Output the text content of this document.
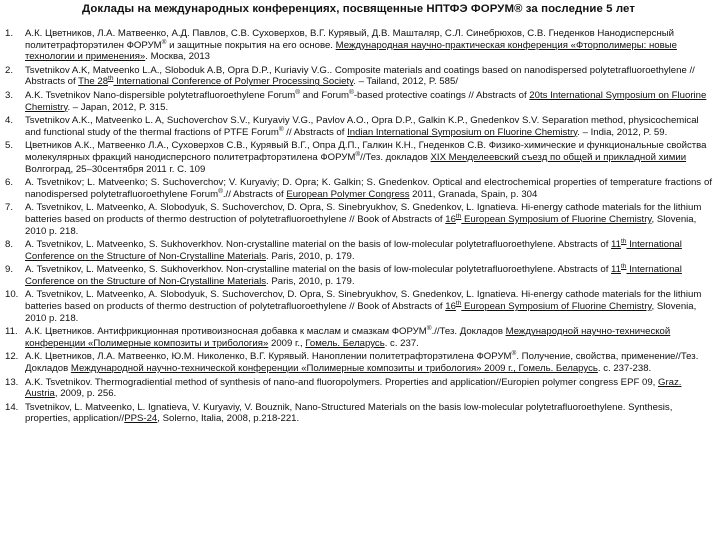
Доклады на международных конференциях, посвященные НПТФЭ ФОРУМ® за последние 5 лет
1.	А.К. Цветников, Л.А. Матвеенко, А.Д. Павлов, С.В. Суховерхов, В.Г. Курявый, Д.В. Машталяр, С.Л. Синебрюхов, С.В. Гнеденков Нанодисперсный политетрафторэтилен ФОРУМ® и защитные покрытия на его основе. Международная научно-практическая конференция «Фторполимеры: новые технологии и применения». Москва, 2013
2.	Tsvetnikov A.K, Matveenko L.A., Sloboduk A.B, Opra D.P., Kuriaviy V.G.. Composite materials and coatings based on nanodispersed polytetrafluoroethylene // Abstracts of The 28th International Conference of Polymer Processing Society. – Tailand, 2012, P. 585/
3.	A.K. Tsvetnikov Nano-dispersible polytetrafluoroethylene Forum® and Forum®-based protective coatings // Abstracts of 20ts International Symposium on Fluorine Chemistry. – Japan, 2012, P. 315.
4.	Tsvetnikov A.K., Matveenko L. A, Suchoverchov S.V., Kuryaviy V.G., Pavlov A.O., Opra D.P., Galkin K.P., Gnedenkov S.V. Separation method, physicochemical and functional study of the thermal fractions of PTFE Forum® // Abstracts of Indian International Symposium on Fluorine Chemistry. – India, 2012, P. 59.
5.	Цветников А.К., Матвеенко Л.А., Суховерхов С.В., Курявый В.Г., Опра Д.П., Галкин К.Н., Гнеденков С.В. Физико-химические и функциональные свойства молекулярных фракций нанодисперсного политетрафторэтилена ФОРУМ®//Тез. докладов XIX Менделеевский съезд по общей и прикладной химии Волгоград, 25–30сентября 2011 г. С. 109
6.	A. Tsvetnikov; L. Matveenko; S. Suchoverchov; V. Kuryaviy; D. Opra; K. Galkin; S. Gnedenkov. Optical and electrochemical properties of temperature fractions of nanodispersed polytetrafluoroethylene Forum®.// Abstracts of European Polymer Congress 2011, Granada, Spain, p. 304
7.	A. Tsvetnikov, L. Matveenko, A. Slobodyuk, S. Suchoverchov, D. Opra, S. Sinebryukhov, S. Gnedenkov, L. Ignatieva. Hi-energy cathode materials for the lithium batteries based on products of thermo destruction of polytetrafluoroethylene // Book of Abstracts of 16th European Symposium of Fluorine Chemistry, Slovenia, 2010 p. 218.
8.	A. Tsvetnikov, L. Matveenko, S. Sukhoverkhov. Non-crystalline material on the basis of low-molecular polytetrafluoroethylene. Abstracts of 11th International Conference on the Structure of Non-Crystalline Materials. Paris, 2010, p. 179.
9.	A. Tsvetnikov, L. Matveenko, S. Sukhoverkhov. Non-crystalline material on the basis of low-molecular polytetrafluoroethylene. Abstracts of 11th International Conference on the Structure of Non-Crystalline Materials. Paris, 2010, p. 179.
10. A. Tsvetnikov, L. Matveenko, A. Slobodyuk, S. Suchoverchov, D. Opra, S. Sinebryukhov, S. Gnedenkov, L. Ignatieva. Hi-energy cathode materials for the lithium batteries based on products of thermo destruction of polytetrafluoroethylene // Book of Abstracts of 16th European Symposium of Fluorine Chemistry, Slovenia, 2010 p. 218.
11. А.К. Цветников. Антифрикционная противоизносная добавка к маслам и смазкам ФОРУМ®.//Тез. Докладов Международной научно-технической конференции «Полимерные композиты и трибология» 2009 г., Гомель. Беларусь. с. 237.
12. А.К. Цветников, Л.А. Матвеенко, Ю.М. Николенко, В.Г. Курявый. Наноплении политетрафторэтилена ФОРУМ®. Получение, свойства, применение//Тез. Докладов Международной научно-технической конференции «Полимерные композиты и трибология» 2009 г., Гомель. Беларусь. с. 237-238.
13. A.K. Tsvetnikov. Thermogradiential method of synthesis of nano-and fluoropolymers. Properties and application//Europien polymer congress EPF 09, Graz. Austria, 2009, p. 256.
14. Tsvetnikov, L. Matveenko, L. Ignatieva, V. Kuryaviy, V. Bouznik, Nano-Structured Materials on the basis low-molecular polytetrafluoroethylene. Synthesis, properties, application//PPS-24, Solerno, Italia, 2008, p.218-221.
